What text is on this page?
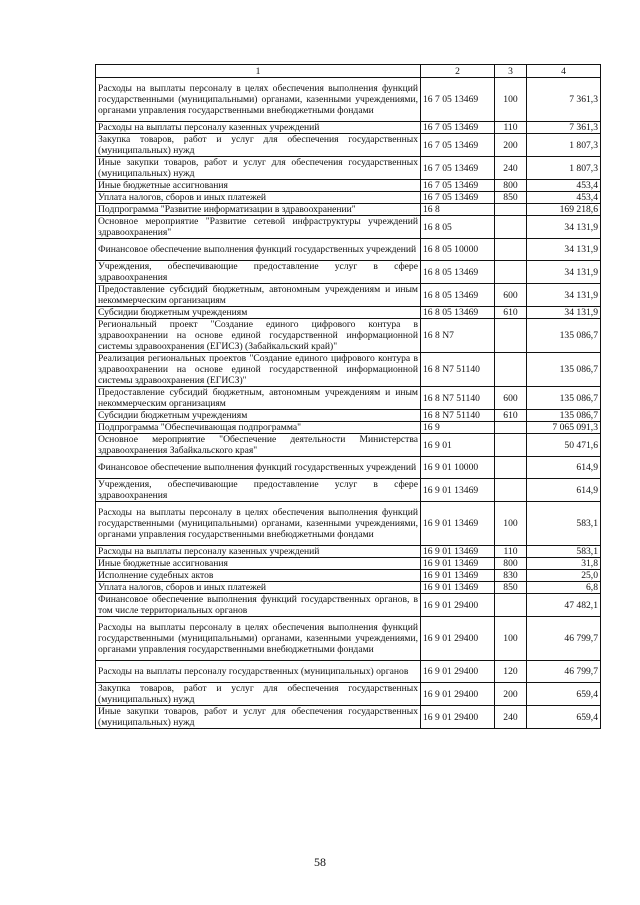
1	2	3	4
Расходы на выплаты персоналу в целях обеспечения выполнения функций государственными (муниципальными) органами, казенными учреждениями, органами управления государственными внебюджетными фондами	16 7 05 13469	100	7 361,3
Расходы на выплаты персоналу казенных учреждений	16 7 05 13469	110	7 361,3
Закупка товаров, работ и услуг для обеспечения государственных (муниципальных) нужд	16 7 05 13469	200	1 807,3
Иные закупки товаров, работ и услуг для обеспечения государственных (муниципальных) нужд	16 7 05 13469	240	1 807,3
Иные бюджетные ассигнования	16 7 05 13469	800	453,4
Уплата налогов, сборов и иных платежей	16 7 05 13469	850	453,4
Подпрограмма "Развитие информатизации в здравоохранении"	16 8		169 218,6
Основное мероприятие "Развитие сетевой инфраструктуры учреждений здравоохранения"	16 8 05		34 131,9
Финансовое обеспечение выполнения функций государственных учреждений	16 8 05 10000		34 131,9
Учреждения, обеспечивающие предоставление услуг в сфере здравоохранения	16 8 05 13469		34 131,9
Предоставление субсидий бюджетным, автономным учреждениям и иным некоммерческим организациям	16 8 05 13469	600	34 131,9
Субсидии бюджетным учреждениям	16 8 05 13469	610	34 131,9
Региональный проект "Создание единого цифрового контура в здравоохранении на основе единой государственной информационной системы здравоохранения (ЕГИСЗ) (Забайкальский край)"	16 8 N7		135 086,7
Реализация региональных проектов "Создание единого цифрового контура в здравоохранении на основе единой государственной информационной системы здравоохранения (ЕГИСЗ)"	16 8 N7 51140		135 086,7
Предоставление субсидий бюджетным, автономным учреждениям и иным некоммерческим организациям	16 8 N7 51140	600	135 086,7
Субсидии бюджетным учреждениям	16 8 N7 51140	610	135 086,7
Подпрограмма "Обеспечивающая подпрограмма"	16 9		7 065 091,3
Основное мероприятие "Обеспечение деятельности Министерства здравоохранения Забайкальского края"	16 9 01		50 471,6
Финансовое обеспечение выполнения функций государственных учреждений	16 9 01 10000		614,9
Учреждения, обеспечивающие предоставление услуг в сфере здравоохранения	16 9 01 13469		614,9
Расходы на выплаты персоналу в целях обеспечения выполнения функций государственными (муниципальными) органами, казенными учреждениями, органами управления государственными внебюджетными фондами	16 9 01 13469	100	583,1
Расходы на выплаты персоналу казенных учреждений	16 9 01 13469	110	583,1
Иные бюджетные ассигнования	16 9 01 13469	800	31,8
Исполнение судебных актов	16 9 01 13469	830	25,0
Уплата налогов, сборов и иных платежей	16 9 01 13469	850	6,8
Финансовое обеспечение выполнения функций государственных органов, в том числе территориальных органов	16 9 01 29400		47 482,1
Расходы на выплаты персоналу в целях обеспечения выполнения функций государственными (муниципальными) органами, казенными учреждениями, органами управления государственными внебюджетными фондами	16 9 01 29400	100	46 799,7
Расходы на выплаты персоналу государственных (муниципальных) органов	16 9 01 29400	120	46 799,7
Закупка товаров, работ и услуг для обеспечения государственных (муниципальных) нужд	16 9 01 29400	200	659,4
Иные закупки товаров, работ и услуг для обеспечения государственных (муниципальных) нужд	16 9 01 29400	240	659,4
58
